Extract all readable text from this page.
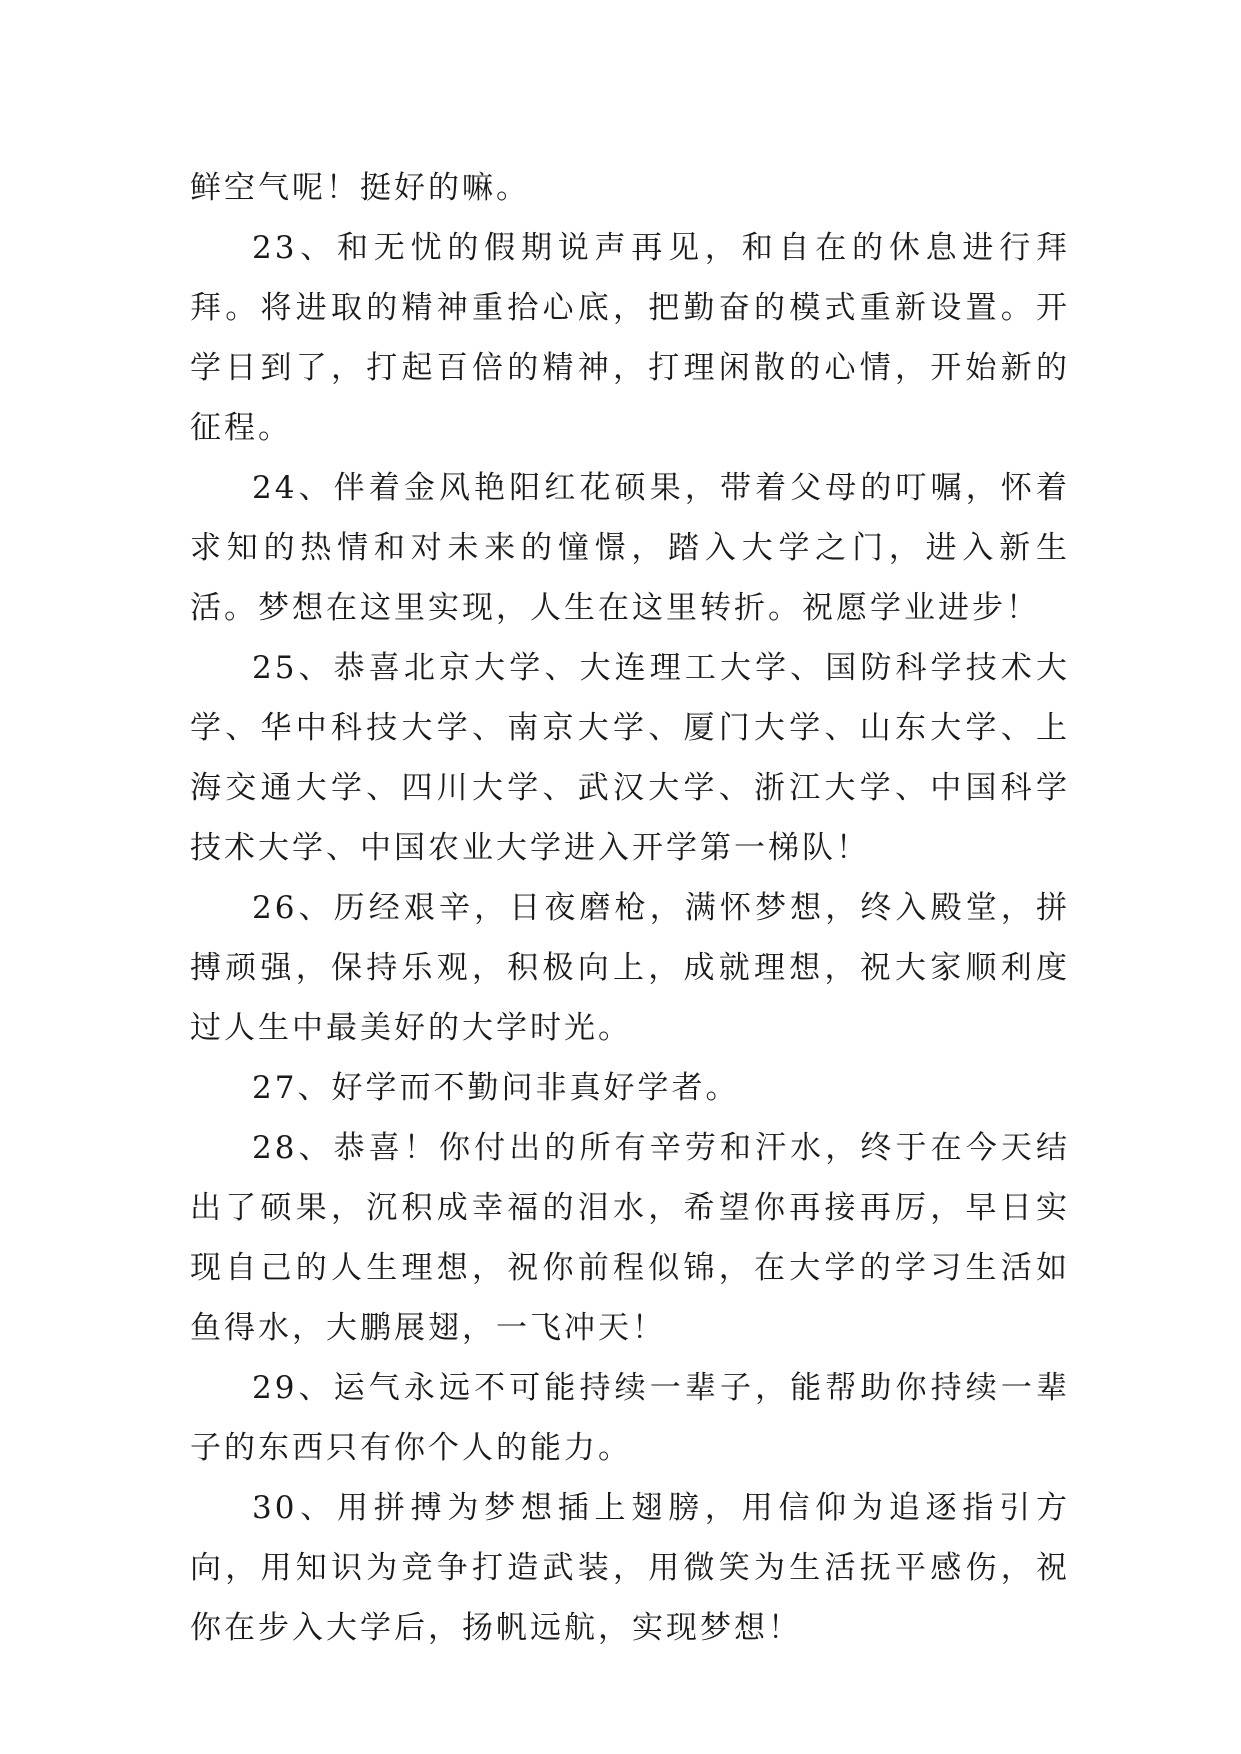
鲜空气呢！挺好的嘛。

23、和无忧的假期说声再见，和自在的休息进行拜拜。将进取的精神重拾心底，把勤奋的模式重新设置。开学日到了，打起百倍的精神，打理闲散的心情，开始新的征程。

24、伴着金风艳阳红花硕果，带着父母的叮嘱，怀着求知的热情和对未来的憧憬，踏入大学之门，进入新生活。梦想在这里实现，人生在这里转折。祝愿学业进步！

25、恭喜北京大学、大连理工大学、国防科学技术大学、华中科技大学、南京大学、厦门大学、山东大学、上海交通大学、四川大学、武汉大学、浙江大学、中国科学技术大学、中国农业大学进入开学第一梯队！

26、历经艰辛，日夜磨枪，满怀梦想，终入殿堂，拼搏顽强，保持乐观，积极向上，成就理想，祝大家顺利度过人生中最美好的大学时光。

27、好学而不勤问非真好学者。

28、恭喜！你付出的所有辛劳和汗水，终于在今天结出了硕果，沉积成幸福的泪水，希望你再接再厉，早日实现自己的人生理想，祝你前程似锦，在大学的学习生活如鱼得水，大鹏展翅，一飞冲天！

29、运气永远不可能持续一辈子，能帮助你持续一辈子的东西只有你个人的能力。

30、用拼搏为梦想插上翅膀，用信仰为追逐指引方向，用知识为竞争打造武装，用微笑为生活抚平感伤，祝你在步入大学后，扬帆远航，实现梦想！
